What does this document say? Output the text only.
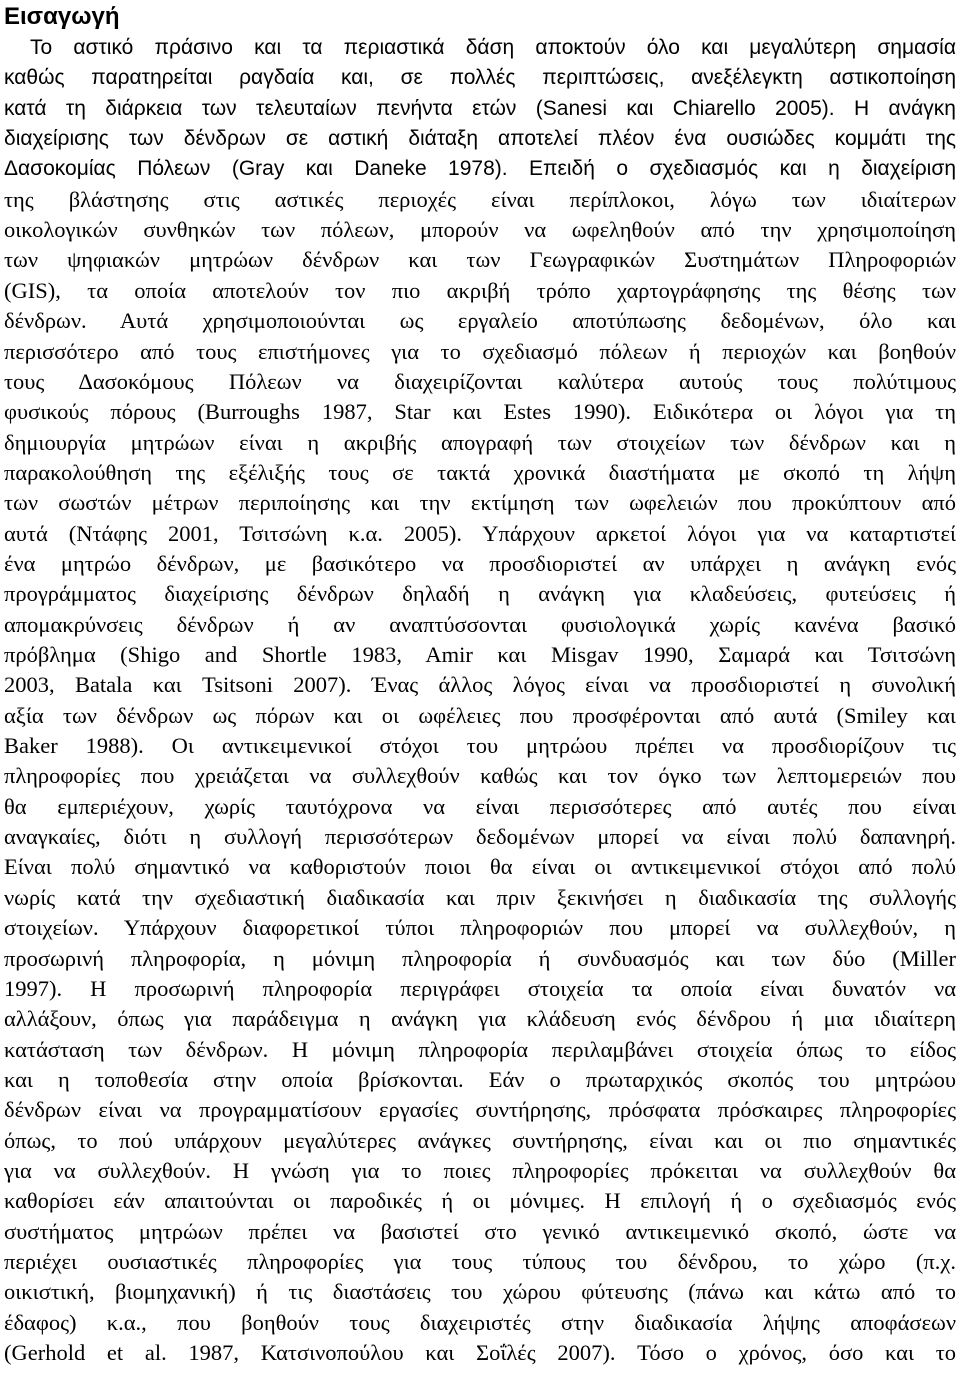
Εισαγωγή
Το αστικό πράσινο και τα περιαστικά δάση αποκτούν όλο και μεγαλύτερη σημασία
καθώς παρατηρείται ραγδαία και, σε πολλές περιπτώσεις, ανεξέλεγκτη αστικοποίηση
κατά τη διάρκεια των τελευταίων πενήντα ετών (Sanesi και Chiarello 2005). Η ανάγκη
διαχείρισης των δένδρων σε αστική διάταξη αποτελεί πλέον ένα ουσιώδες κομμάτι της
Δασοκομίας Πόλεων (Gray και Daneke 1978). Επειδή ο σχεδιασμός και η διαχείριση
της βλάστησης στις αστικές περιοχές είναι περίπλοκοι, λόγω των ιδιαίτερων
οικολογικών συνθηκών των πόλεων, μπορούν να ωφεληθούν από την χρησιμοποίηση
των ψηφιακών μητρώων δένδρων και των Γεωγραφικών Συστημάτων Πληροφοριών
(GIS), τα οποία αποτελούν τον πιο ακριβή τρόπο χαρτογράφησης της θέσης των
δένδρων. Αυτά χρησιμοποιούνται ως εργαλείο αποτύπωσης δεδομένων, όλο και
περισσότερο από τους επιστήμονες για το σχεδιασμό πόλεων ή περιοχών και βοηθούν
τους Δασοκόμους Πόλεων να διαχειρίζονται καλύτερα αυτούς τους πολύτιμους
φυσικούς πόρους (Burroughs 1987, Star και Estes 1990). Ειδικότερα οι λόγοι για τη
δημιουργία μητρώων είναι η ακριβής απογραφή των στοιχείων των δένδρων και η
παρακολούθηση της εξέλιξής τους σε τακτά χρονικά διαστήματα με σκοπό τη λήψη
των σωστών μέτρων περιποίησης και την εκτίμηση των ωφελειών που προκύπτουν από
αυτά (Ντάφης 2001, Τσιτσώνη κ.α. 2005). Υπάρχουν αρκετοί λόγοι για να καταρτιστεί
ένα μητρώο δένδρων, με βασικότερο να προσδιοριστεί αν υπάρχει η ανάγκη ενός
προγράμματος διαχείρισης δένδρων δηλαδή η ανάγκη για κλαδεύσεις, φυτεύσεις ή
απομακρύνσεις δένδρων ή αν αναπτύσσονται φυσιολογικά χωρίς κανένα βασικό
πρόβλημα (Shigo and Shortle 1983, Amir και Misgav 1990, Σαμαρά και Τσιτσώνη
2003, Batala και Tsitsoni 2007). Ένας άλλος λόγος είναι να προσδιοριστεί η συνολική
αξία των δένδρων ως πόρων και οι ωφέλειες που προσφέρονται από αυτά (Smiley και
Baker 1988). Οι αντικειμενικοί στόχοι του μητρώου πρέπει να προσδιορίζουν τις
πληροφορίες που χρειάζεται να συλλεχθούν καθώς και τον όγκο των λεπτομερειών που
θα εμπεριέχουν, χωρίς ταυτόχρονα να είναι περισσότερες από αυτές που είναι
αναγκαίες, διότι η συλλογή περισσότερων δεδομένων μπορεί να είναι πολύ δαπανηρή.
Είναι πολύ σημαντικό να καθοριστούν ποιοι θα είναι οι αντικειμενικοί στόχοι από πολύ
νωρίς κατά την σχεδιαστική διαδικασία και πριν ξεκινήσει η διαδικασία της συλλογής
στοιχείων. Υπάρχουν διαφορετικοί τύποι πληροφοριών που μπορεί να συλλεχθούν, η
προσωρινή πληροφορία, η μόνιμη πληροφορία ή συνδυασμός και των δύο (Miller
1997). Η προσωρινή πληροφορία περιγράφει στοιχεία τα οποία είναι δυνατόν να
αλλάξουν, όπως για παράδειγμα η ανάγκη για κλάδευση ενός δένδρου ή μια ιδιαίτερη
κατάσταση των δένδρων. Η μόνιμη πληροφορία περιλαμβάνει στοιχεία όπως το είδος
και η τοποθεσία στην οποία βρίσκονται. Εάν ο πρωταρχικός σκοπός του μητρώου
δένδρων είναι να προγραμματίσουν εργασίες συντήρησης, πρόσφατα πρόσκαιρες πληροφορίες
όπως, το πού υπάρχουν μεγαλύτερες ανάγκες συντήρησης, είναι και οι πιο σημαντικές
για να συλλεχθούν. Η γνώση για το ποιες πληροφορίες πρόκειται να συλλεχθούν θα
καθορίσει εάν απαιτούνται οι παροδικές ή οι μόνιμες. Η επιλογή ή ο σχεδιασμός ενός
συστήματος μητρώων πρέπει να βασιστεί στο γενικό αντικειμενικό σκοπό, ώστε να
περιέχει ουσιαστικές πληροφορίες για τους τύπους του δένδρου, το χώρο (π.χ.
οικιστική, βιομηχανική) ή τις διαστάσεις του χώρου φύτευσης (πάνω και κάτω από το
έδαφος) κ.α., που βοηθούν τους διαχειριστές στην διαδικασία λήψης αποφάσεων
(Gerhold et al. 1987, Κατσινοπούλου και Σοΐλές 2007). Τόσο ο χρόνος, όσο και το
